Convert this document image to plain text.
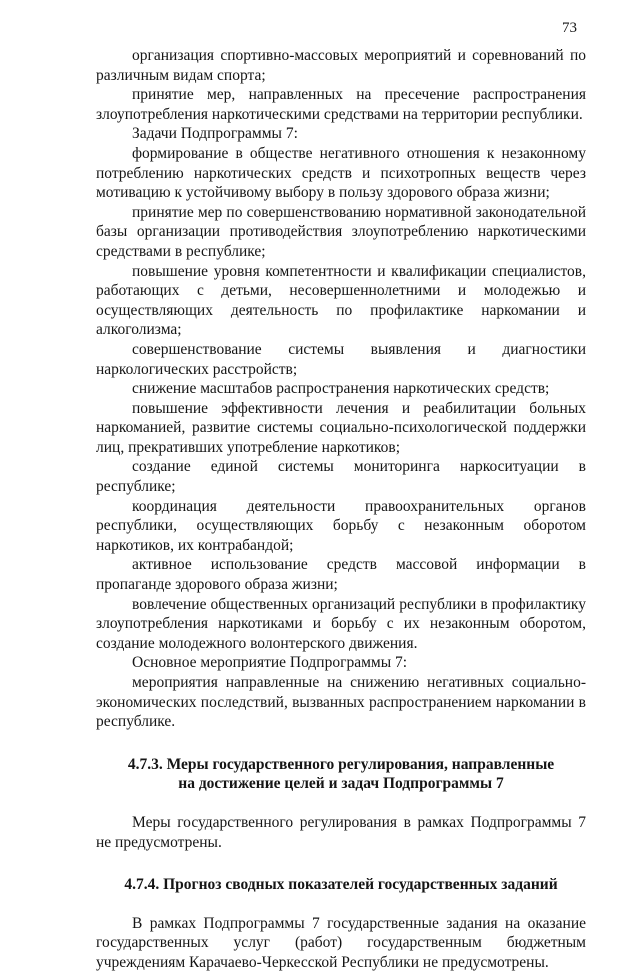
73

организация спортивно-массовых мероприятий и соревнований по различным видам спорта;

принятие мер, направленных на пресечение распространения злоупотребления наркотическими средствами на территории республики.

Задачи Подпрограммы 7:

формирование в обществе негативного отношения к незаконному потреблению наркотических средств и психотропных веществ через мотивацию к устойчивому выбору в пользу здорового образа жизни;

принятие мер по совершенствованию нормативной законодательной базы организации противодействия злоупотреблению наркотическими средствами в республике;

повышение уровня компетентности и квалификации специалистов, работающих с детьми, несовершеннолетними и молодежью и осуществляющих деятельность по профилактике наркомании и алкоголизма;

совершенствование системы выявления и диагностики наркологических расстройств;

снижение масштабов распространения наркотических средств;

повышение эффективности лечения и реабилитации больных наркоманией, развитие системы социально-психологической поддержки лиц, прекративших употребление наркотиков;

создание единой системы мониторинга наркоситуации в республике;

координация деятельности правоохранительных органов республики, осуществляющих борьбу с незаконным оборотом наркотиков, их контрабандой;

активное использование средств массовой информации в пропаганде здорового образа жизни;

вовлечение общественных организаций республики в профилактику злоупотребления наркотиками и борьбу с их незаконным оборотом, создание молодежного волонтерского движения.

Основное мероприятие Подпрограммы 7:

мероприятия направленные на снижению негативных социально-экономических последствий, вызванных распространением наркомании в республике.

4.7.3. Меры государственного регулирования, направленные
на достижение целей и задач Подпрограммы 7

Меры государственного регулирования в рамках Подпрограммы 7 не предусмотрены.

4.7.4. Прогноз сводных показателей государственных заданий

В рамках Подпрограммы 7 государственные задания на оказание государственных услуг (работ) государственным бюджетным учреждениям Карачаево-Черкесской Республики не предусмотрены.
